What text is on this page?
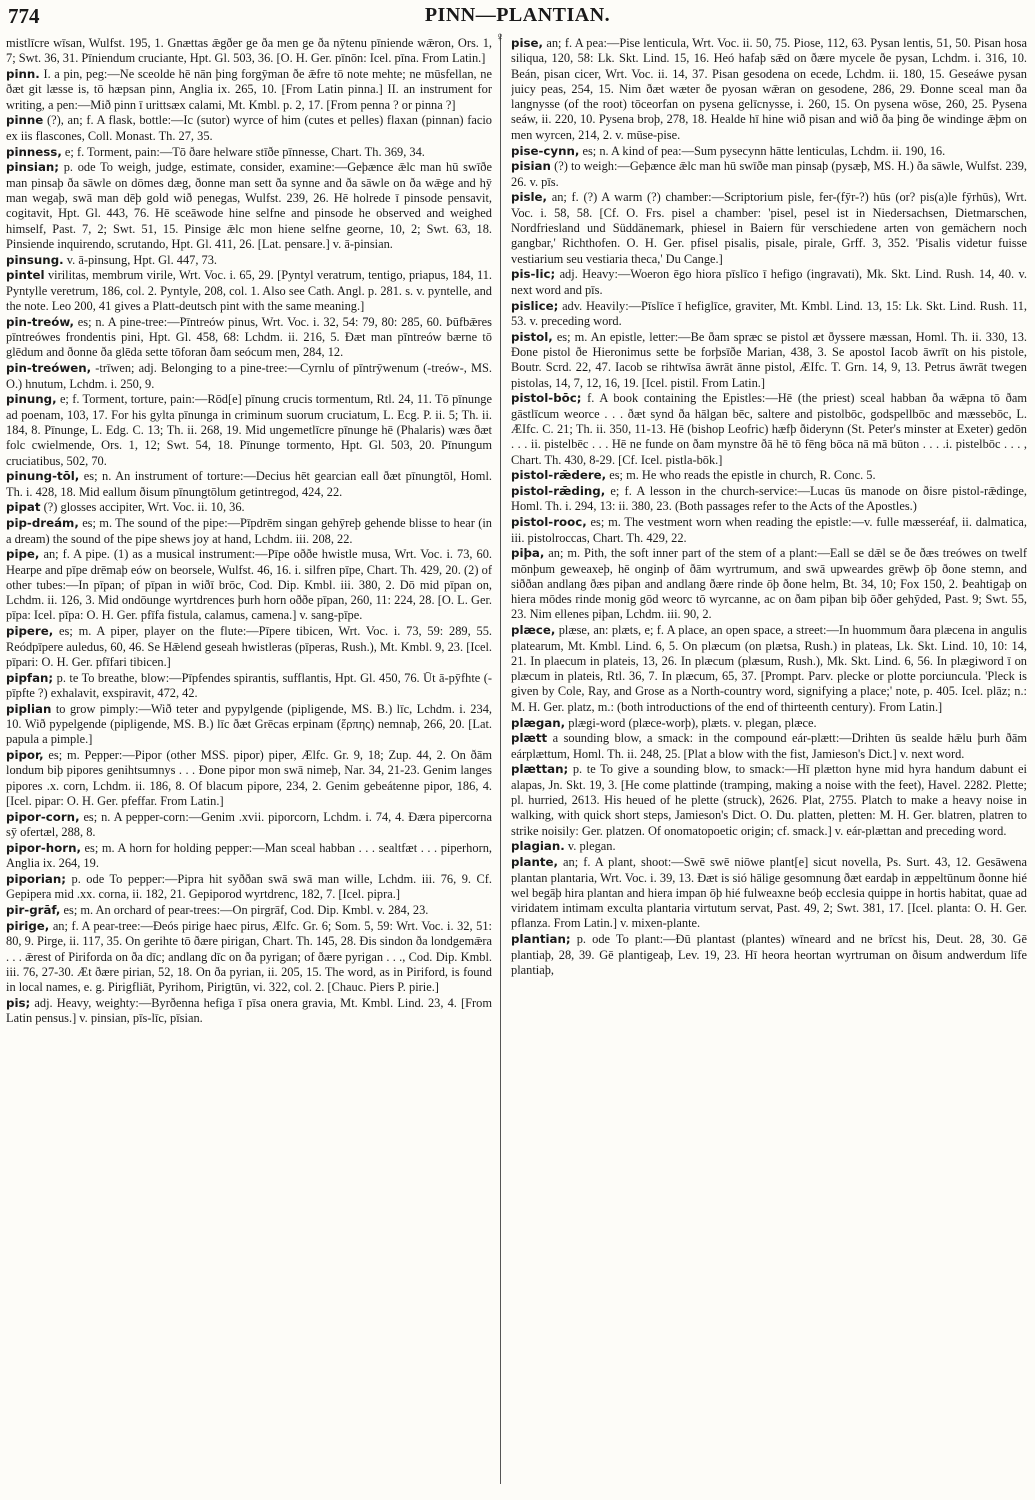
774	PINN—PLANTIAN.
♀

mistlīcre wīsan, Wulfst. 195, 1. Gnættas ǣgðer ge ða men ge ða nȳtenu pīniende wǣron, Ors. 1, 7; Swt. 36, 31. Pīniendum cruciante, Hpt. Gl. 503, 36. [O. H. Ger. pīnōn: Icel. pīna. From Latin.]

pinn. I. a pin, peg:—Ne sceolde hē nān þing forgȳman ðe ǣfre tō note mehte; ne mūsfellan, ne ðæt git læsse is, tō hæpsan pinn, Anglia ix. 265, 10. [From Latin pinna.] II. an instrument for writing, a pen:—Mið pinn ī urittsæx calami, Mt. Kmbl. p. 2, 17. [From penna ? or pinna ?]

pinne (?), an; f. A flask, bottle:—Ic (sutor) wyrce of him (cutes et pelles) flaxan (pinnan) facio ex iis flascones, Coll. Monast. Th. 27, 35.

pinness, e; f. Torment, pain:—Tō ðare helware stīðe pīnnesse, Chart. Th. 369, 34.

pinsian; p. ode To weigh, judge, estimate, consider, examine:—Geþænce ǣlc man hū swīðe man pinsaþ ða sāwle on dōmes dæg, ðonne man sett ða synne and ða sāwle on ða wǣge and hȳ man wegaþ, swā man dēþ gold wið penegas, Wulfst. 239, 26. Hē holrede ī pinsode pensavit, cogitavit, Hpt. Gl. 443, 76. Hē sceāwode hine selfne and pinsode he observed and weighed himself, Past. 7, 2; Swt. 51, 15. Pinsige ǣlc mon hiene selfne georne, 10, 2; Swt. 63, 18. Pinsiende inquirendo, scrutando, Hpt. Gl. 411, 26. [Lat. pensare.] v. ā-pinsian.

pinsung. v. ā-pinsung, Hpt. Gl. 447, 73.

pintel virilitas, membrum virile, Wrt. Voc. i. 65, 29. [Pyntyl veratrum, tentigo, priapus, 184, 11. Pyntylle veretrum, 186, col. 2. Pyntyle, 208, col. 1. Also see Cath. Angl. p. 281. s. v. pyntelle, and the note. Leo 200, 41 gives a Platt-deutsch pint with the same meaning.]

pin-treów, es; n. A pine-tree:—Pīntreów pinus, Wrt. Voc. i. 32, 54: 79, 80: 285, 60. Þūfbǣres pīntreówes frondentis pini, Hpt. Gl. 458, 68: Lchdm. ii. 216, 5. Ðæt man pīntreów bærne tō glēdum and ðonne ða glēda sette tōforan ðam seócum men, 284, 12.

pin-treówen, -trīwen; adj. Belonging to a pine-tree:—Cyrnlu of pīntrȳwenum (-treów-, MS. O.) hnutum, Lchdm. i. 250, 9.

pinung, e; f. Torment, torture, pain:—Rōd[e] pīnung crucis tormentum, Rtl. 24, 11. Tō pīnunge ad poenam, 103, 17. For his gylta pīnunga in criminum suorum cruciatum, L. Ecg. P. ii. 5; Th. ii. 184, 8. Pīnunge, L. Edg. C. 13; Th. ii. 268, 19. Mid ungemetlīcre pīnunge hē (Phalaris) wæs ðæt folc cwielmende, Ors. 1, 12; Swt. 54, 18. Pīnunge tormento, Hpt. Gl. 503, 20. Pīnungum cruciatibus, 502, 70.

pinung-tōl, es; n. An instrument of torture:—Decius hēt gearcian eall ðæt pīnungtōl, Homl. Th. i. 428, 18. Mid eallum ðisum pīnungtōlum getintregod, 424, 22.

pipat (?) glosses accipiter, Wrt. Voc. ii. 10, 36.

pip-dreám, es; m. The sound of the pipe:—Pīpdrēm singan gehȳreþ gehende blisse to hear (in a dream) the sound of the pipe shews joy at hand, Lchdm. iii. 208, 22.

pipe, an; f. A pipe. (1) as a musical instrument:—Pīpe oððe hwistle musa, Wrt. Voc. i. 73, 60. Hearpe and pīpe drēmaþ eów on beorsele, Wulfst. 46, 16. i. silfren pīpe, Chart. Th. 429, 20. (2) of other tubes:—In pīpan; of pīpan in wiðī brōc, Cod. Dip. Kmbl. iii. 380, 2. Dō mid pīpan on, Lchdm. ii. 126, 3. Mid ondōunge wyrtdrences þurh horn oððe pīpan, 260, 11: 224, 28. [O. L. Ger. pīpa: Icel. pīpa: O. H. Ger. pfīfa fistula, calamus, camena.] v. sang-pīpe.

pipere, es; m. A piper, player on the flute:—Pīpere tibicen, Wrt. Voc. i. 73, 59: 289, 55. Reódpīpere auledus, 60, 46. Se Hǣlend geseah hwistleras (pīperas, Rush.), Mt. Kmbl. 9, 23. [Icel. pīpari: O. H. Ger. pfīfari tibicen.]

pipfan; p. te To breathe, blow:—Pīpfendes spirantis, sufflantis, Hpt. Gl. 450, 76. Ūt ā-pȳfhte (-pīpfte ?) exhalavit, exspiravit, 472, 42.

piplian to grow pimply:—Wið teter and pypylgende (pipligende, MS. B.) līc, Lchdm. i. 234, 10. Wið pypelgende (pipligende, MS. B.) līc ðæt Grēcas erpinam (ἕρπης) nemnaþ, 266, 20. [Lat. papula a pimple.]

pipor, es; m. Pepper:—Pipor (other MSS. pipor) piper, Ælfc. Gr. 9, 18; Zup. 44, 2. On ðām londum biþ pipores genihtsumnys . . . Ðone pipor mon swā nimeþ, Nar. 34, 21-23. Genim langes pipores .x. corn, Lchdm. ii. 186, 8. Of blacum pipore, 234, 2. Genim gebeátenne pipor, 186, 4. [Icel. pipar: O. H. Ger. pfeffar. From Latin.]

pipor-corn, es; n. A pepper-corn:—Genim .xvii. piporcorn, Lchdm. i. 74, 4. Ðæra pipercorna sȳ ofertæl, 288, 8.

pipor-horn, es; m. A horn for holding pepper:—Man sceal habban . . . sealtfæt . . . piperhorn, Anglia ix. 264, 19.

piporian; p. ode To pepper:—Pipra hit syððan swā swā man wille, Lchdm. iii. 76, 9. Cf. Gepipera mid .xx. corna, ii. 182, 21. Gepiporod wyrtdrenc, 182, 7. [Icel. pipra.]

pir-grāf, es; m. An orchard of pear-trees:—On pirgrāf, Cod. Dip. Kmbl. v. 284, 23.

pirige, an; f. A pear-tree:—Ðeós pirige haec pirus, Ælfc. Gr. 6; Som. 5, 59: Wrt. Voc. i. 32, 51: 80, 9. Pirge, ii. 117, 35. On gerihte tō ðære pirigan, Chart. Th. 145, 28. Ðis sindon ða londgemǣra . . . ǣrest of Piriforda on ða dīc; andlang dīc on ða pyrigan; of ðære pyrigan . . ., Cod. Dip. Kmbl. iii. 76, 27-30. Æt ðære pirian, 52, 18. On ða pyrian, ii. 205, 15. The word, as in Piriford, is found in local names, e. g. Pirigfliāt, Pyrihom, Pirigtūn, vi. 322, col. 2. [Chauc. Piers P. pirie.]

pis; adj. Heavy, weighty:—Byrðenna hefiga ī pīsa onera gravia, Mt. Kmbl. Lind. 23, 4. [From Latin pensus.] v. pinsian, pīs-līc, pīsian.

pise, an; f. A pea:—Pise lenticula, Wrt. Voc. ii. 50, 75. Piose, 112, 63. Pysan lentis, 51, 50. Pisan hosa siliqua, 120, 58: Lk. Skt. Lind. 15, 16. Heó hafaþ sǣd on ðære mycele ðe pysan, Lchdm. i. 316, 10. Beán, pisan cicer, Wrt. Voc. ii. 14, 37. Pisan gesodena on ecede, Lchdm. ii. 180, 15. Geseáwe pysan juicy peas, 254, 15. Nim ðæt wæter ðe pyosan wǣran on gesodene, 286, 29. Ðonne sceal man ða langnysse (of the root) tōceorfan on pysena gelīcnysse, i. 260, 15. On pysena wōse, 260, 25. Pysena seáw, ii. 220, 10. Pysena broþ, 278, 18. Healde hī hine wið pisan and wið ða þing ðe windinge ǣþm on men wyrcen, 214, 2. v. mūse-pise.

pise-cynn, es; n. A kind of pea:—Sum pysecynn hātte lenticulas, Lchdm. ii. 190, 16.

pisian (?) to weigh:—Geþænce ǣlc man hū swīðe man pinsaþ (pysæþ, MS. H.) ða sāwle, Wulfst. 239, 26. v. pīs.

pisle, an; f. (?) A warm (?) chamber:—Scriptorium pisle, fer-(fȳr-?) hūs (or? pis(a)le fȳrhūs), Wrt. Voc. i. 58, 58. [Cf. O. Frs. pisel a chamber: 'pisel, pesel ist in Niedersachsen, Dietmarschen, Nordfriesland und Süddänemark, phiesel in Baiern für verschiedene arten von gemächern noch gangbar,' Richthofen. O. H. Ger. pfisel pisalis, pisale, pirale, Grff. 3, 352. 'Pisalis videtur fuisse vestiarium seu vestiaria theca,' Du Cange.]

pis-lic; adj. Heavy:—Woeron ēgo hiora pīslīco ī hefigo (ingravati), Mk. Skt. Lind. Rush. 14, 40. v. next word and pīs.

pislice; adv. Heavily:—Pīslīce ī hefiglīce, graviter, Mt. Kmbl. Lind. 13, 15: Lk. Skt. Lind. Rush. 11, 53. v. preceding word.

pistol, es; m. An epistle, letter:—Be ðam spræc se pistol æt ðyssere mæssan, Homl. Th. ii. 330, 13. Ðone pistol ðe Hieronimus sette be forþsīðe Marian, 438, 3. Se apostol Iacob āwrīt on his pistole, Boutr. Scrd. 22, 47. Iacob se rihtwīsa āwrāt ānne pistol, ÆIfc. T. Grn. 14, 9, 13. Petrus āwrāt twegen pistolas, 14, 7, 12, 16, 19. [Icel. pistil. From Latin.]

pistol-bōc; f. A book containing the Epistles:—Hē (the priest) sceal habban ða wǣpna tō ðam gāstlīcum weorce . . . ðæt synd ða hālgan bēc, saltere and pistolbōc, godspellbōc and mæssebōc, L. ÆIfc. C. 21; Th. ii. 350, 11-13. Hē (bishop Leofric) hæfþ ðiderynn (St. Peter's minster at Exeter) gedōn . . . ii. pistelbēc . . . Hē ne funde on ðam mynstre ðā hē tō fēng bōca nā mā būton . . . .i. pistelbōc . . . , Chart. Th. 430, 8-29. [Cf. Icel. pistla-bōk.]

pistol-rǣdere, es; m. He who reads the epistle in church, R. Conc. 5.

pistol-rǣding, e; f. A lesson in the church-service:—Lucas ūs manode on ðisre pistol-rǣdinge, Homl. Th. i. 294, 13: ii. 380, 23. (Both passages refer to the Acts of the Apostles.)

pistol-rooc, es; m. The vestment worn when reading the epistle:—v. fulle mæsseréaf, ii. dalmatica, iii. pistolroccas, Chart. Th. 429, 22.

piþa, an; m. Pith, the soft inner part of the stem of a plant:—Eall se dǣl se ðe ðæs treówes on twelf mōnþum geweaxeþ, hē onginþ of ðām wyrtrumum, and swā upweardes grēwþ ōþ ðone stemn, and siððan andlang ðæs piþan and andlang ðære rinde ōþ ðone helm, Bt. 34, 10; Fox 150, 2. Þeahtigaþ on hiera mōdes rinde monig gōd weorc tō wyrcanne, ac on ðam piþan biþ ōðer gehȳded, Past. 9; Swt. 55, 23. Nim ellenes piþan, Lchdm. iii. 90, 2.

plæce, plæse, an: plæts, e; f. A place, an open space, a street:—In huommum ðara plæcena in angulis platearum, Mt. Kmbl. Lind. 6, 5. On plæcum (on plætsa, Rush.) in plateas, Lk. Skt. Lind. 10, 10: 14, 21. In plaecum in plateis, 13, 26. In plæcum (plæsum, Rush.), Mk. Skt. Lind. 6, 56. In plægiword ī on plæcum in plateis, Rtl. 36, 7. In plæcum, 65, 37. [Prompt. Parv. plecke or plotte porciuncula. 'Pleck is given by Cole, Ray, and Grose as a North-country word, signifying a place;' note, p. 405. Icel. plāz; n.: M. H. Ger. platz, m.: (both introductions of the end of thirteenth century). From Latin.]

plægan, plægi-word (plæce-worþ), plæts. v. plegan, plæce.

plætt a sounding blow, a smack: in the compound eár-plætt:—Drihten ūs sealde hǣlu þurh ðām eárplættum, Homl. Th. ii. 248, 25. [Plat a blow with the fist, Jamieson's Dict.] v. next word.

plættan; p. te To give a sounding blow, to smack:—Hī plætton hyne mid hyra handum dabunt ei alapas, Jn. Skt. 19, 3. [He come plattinde (tramping, making a noise with the feet), Havel. 2282. Plette; pl. hurried, 2613. His heued of he plette (struck), 2626. Plat, 2755. Platch to make a heavy noise in walking, with quick short steps, Jamieson's Dict. O. Du. platten, pletten: M. H. Ger. blatren, platren to strike noisily: Ger. platzen. Of onomatopoetic origin; cf. smack.] v. eár-plættan and preceding word.

plagian. v. plegan.

plante, an; f. A plant, shoot:—Swē swē niōwe plant[e] sicut novella, Ps. Surt. 43, 12. Gesāwena plantan plantaria, Wrt. Voc. i. 39, 13. Ðæt is sió hālige gesomnung ðæt eardaþ in æppeltūnum ðonne hié wel begāþ hira plantan and hiera impan ōþ hié fulweaxne beóþ ecclesia quippe in hortis habitat, quae ad viridatem intimam exculta plantaria virtutum servat, Past. 49, 2; Swt. 381, 17. [Icel. planta: O. H. Ger. pflanza. From Latin.] v. mixen-plante.

plantian; p. ode To plant:—Ðū plantast (plantes) wīneard and ne brīcst his, Deut. 28, 30. Gē plantiaþ, 28, 39. Gē plantigeaþ, Lev. 19, 23. Hī heora heortan wyrtruman on ðisum andwerdum līfe plantiaþ,
